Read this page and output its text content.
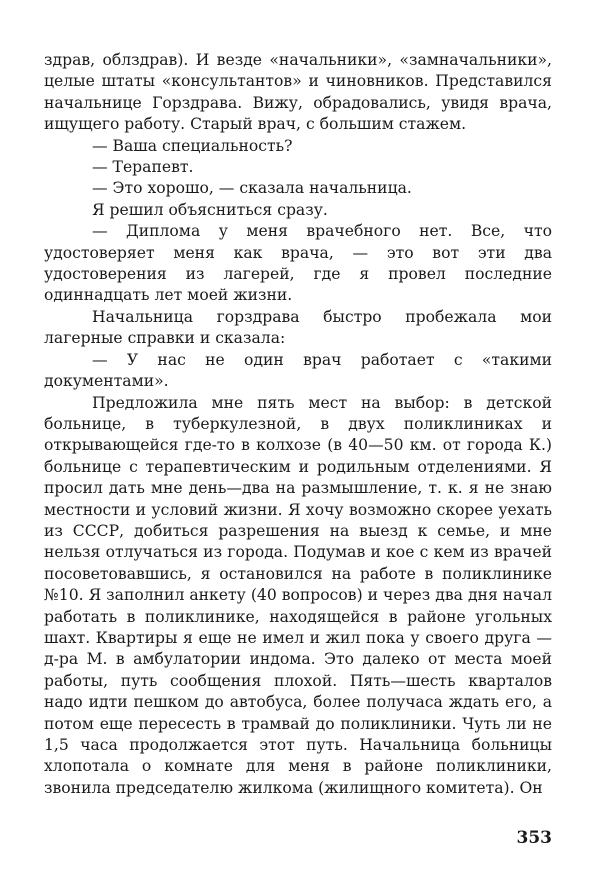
здрав, облздрав). И везде «начальники», «замначальники», целые штаты «консультантов» и чиновников. Представился начальнице Горздрава. Вижу, обрадовались, увидя врача, ищущего работу. Старый врач, с большим стажем.

— Ваша специальность?

— Терапевт.

— Это хорошо, — сказала начальница.

Я решил объясниться сразу.

— Диплома у меня врачебного нет. Все, что удостоверяет меня как врача, — это вот эти два удостоверения из лагерей, где я провел последние одиннадцать лет моей жизни.

Начальница горздрава быстро пробежала мои лагерные справки и сказала:

— У нас не один врач работает с «такими документами».

Предложила мне пять мест на выбор: в детской больнице, в туберкулезной, в двух поликлиниках и открывающейся где-то в колхозе (в 40—50 км. от города К.) больнице с терапевтическим и родильным отделениями. Я просил дать мне день—два на размышление, т. к. я не знаю местности и условий жизни. Я хочу возможно скорее уехать из СССР, добиться разрешения на выезд к семье, и мне нельзя отлучаться из города. Подумав и кое с кем из врачей посоветовавшись, я остановился на работе в поликлинике №10. Я заполнил анкету (40 вопросов) и через два дня начал работать в поликлинике, находящейся в районе угольных шахт. Квартиры я еще не имел и жил пока у своего друга — д-ра М. в амбулатории индома. Это далеко от места моей работы, путь сообщения плохой. Пять—шесть кварталов надо идти пешком до автобуса, более получаса ждать его, а потом еще пересесть в трамвай до поликлиники. Чуть ли не 1,5 часа продолжается этот путь. Начальница больницы хлопотала о комнате для меня в районе поликлиники, звонила председателю жилкома (жилищного комитета). Он

353
